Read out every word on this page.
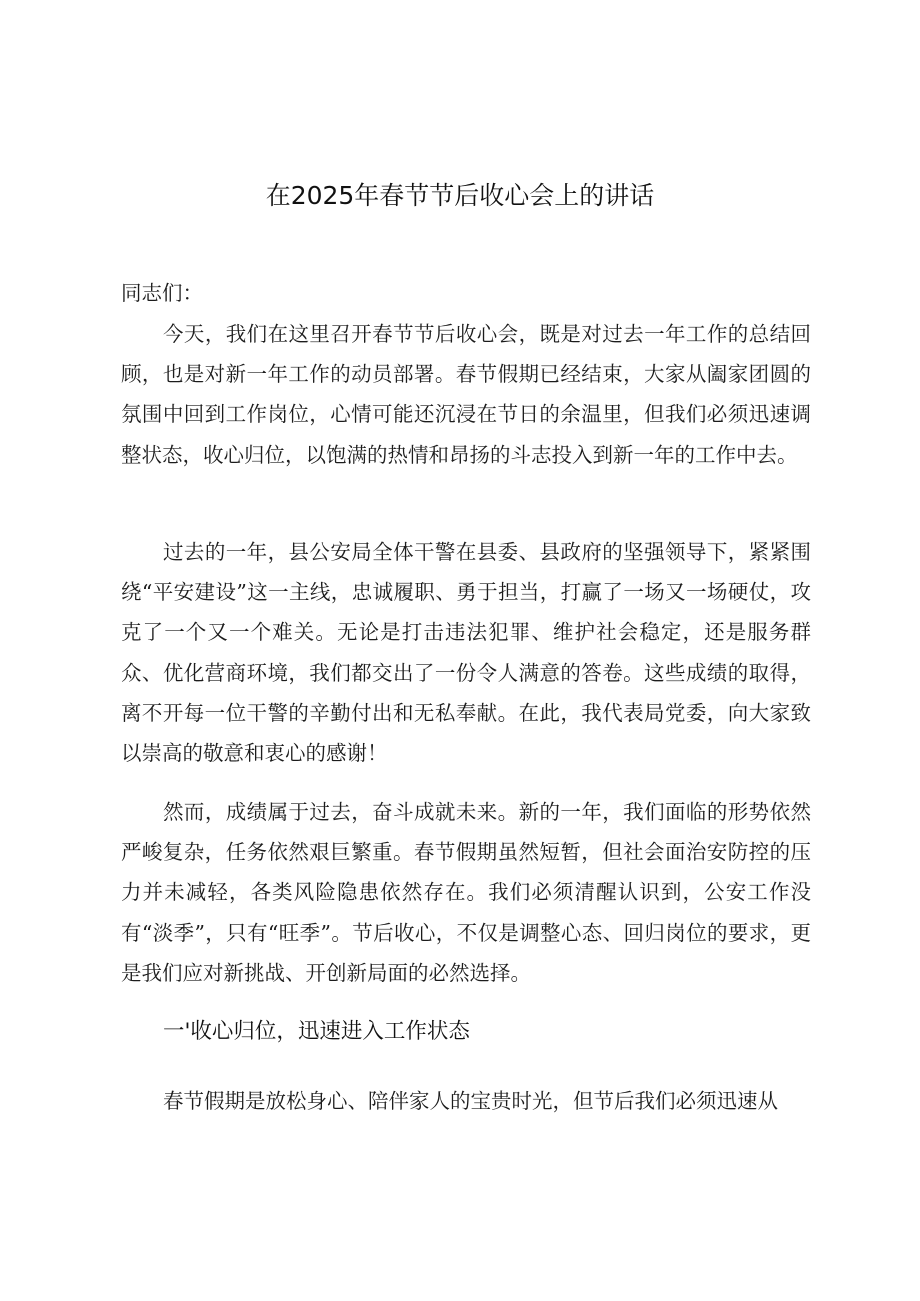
在2025年春节节后收心会上的讲话
同志们：

今天，我们在这里召开春节节后收心会，既是对过去一年工作的总结回顾，也是对新一年工作的动员部署。春节假期已经结束，大家从阖家团圆的氛围中回到工作岗位，心情可能还沉浸在节日的余温里，但我们必须迅速调整状态，收心归位，以饱满的热情和昂扬的斗志投入到新一年的工作中去。

过去的一年，县公安局全体干警在县委、县政府的坚强领导下，紧紧围绕“平安建设”这一主线，忠诚履职、勇于担当，打赢了一场又一场硬仗，攻克了一个又一个难关。无论是打击违法犯罪、维护社会稳定，还是服务群众、优化营商环境，我们都交出了一份令人满意的答卷。这些成绩的取得，离不开每一位干警的辛勤付出和无私奉献。在此，我代表局党委，向大家致以崇高的敬意和衷心的感谢！

然而，成绩属于过去，奋斗成就未来。新的一年，我们面临的形势依然严峻复杂，任务依然艰巨繁重。春节假期虽然短暂，但社会面治安防控的压力并未减轻，各类风险隐患依然存在。我们必须清醒认识到，公安工作没有“淡季”，只有“旺季”。节后收心，不仅是调整心态、回归岗位的要求，更是我们应对新挑战、开创新局面的必然选择。

一'收心归位，迅速进入工作状态

春节假期是放松身心、陪伴家人的宝贵时光，但节后我们必须迅速从
